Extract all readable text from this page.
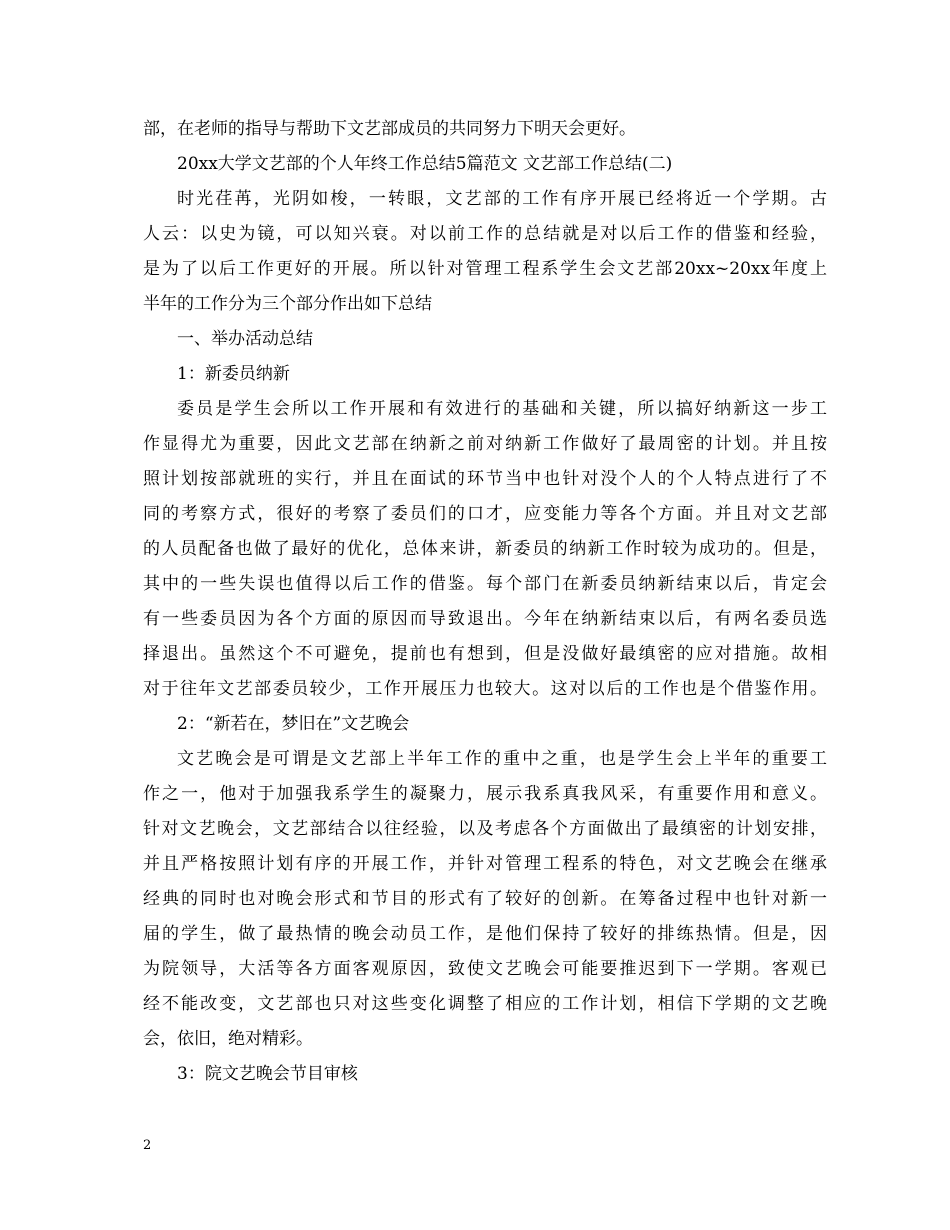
部，在老师的指导与帮助下文艺部成员的共同努力下明天会更好。
20xx大学文艺部的个人年终工作总结5篇范文 文艺部工作总结(二)
时光荏苒，光阴如梭，一转眼，文艺部的工作有序开展已经将近一个学期。古
人云：以史为镜，可以知兴衰。对以前工作的总结就是对以后工作的借鉴和经验，
是为了以后工作更好的开展。所以针对管理工程系学生会文艺部20xx~20xx年度上
半年的工作分为三个部分作出如下总结
一、举办活动总结
1：新委员纳新
委员是学生会所以工作开展和有效进行的基础和关键，所以搞好纳新这一步工
作显得尤为重要，因此文艺部在纳新之前对纳新工作做好了最周密的计划。并且按
照计划按部就班的实行，并且在面试的环节当中也针对没个人的个人特点进行了不
同的考察方式，很好的考察了委员们的口才，应变能力等各个方面。并且对文艺部
的人员配备也做了最好的优化，总体来讲，新委员的纳新工作时较为成功的。但是，
其中的一些失误也值得以后工作的借鉴。每个部门在新委员纳新结束以后，肯定会
有一些委员因为各个方面的原因而导致退出。今年在纳新结束以后，有两名委员选
择退出。虽然这个不可避免，提前也有想到，但是没做好最缜密的应对措施。故相
对于往年文艺部委员较少，工作开展压力也较大。这对以后的工作也是个借鉴作用。
2：“新若在，梦旧在”文艺晚会
文艺晚会是可谓是文艺部上半年工作的重中之重，也是学生会上半年的重要工
作之一，他对于加强我系学生的凝聚力，展示我系真我风采，有重要作用和意义。
针对文艺晚会，文艺部结合以往经验，以及考虑各个方面做出了最缜密的计划安排，
并且严格按照计划有序的开展工作，并针对管理工程系的特色，对文艺晚会在继承
经典的同时也对晚会形式和节目的形式有了较好的创新。在筹备过程中也针对新一
届的学生，做了最热情的晚会动员工作，是他们保持了较好的排练热情。但是，因
为院领导，大活等各方面客观原因，致使文艺晚会可能要推迟到下一学期。客观已
经不能改变，文艺部也只对这些变化调整了相应的工作计划，相信下学期的文艺晚
会，依旧，绝对精彩。
3：院文艺晚会节目审核
2
